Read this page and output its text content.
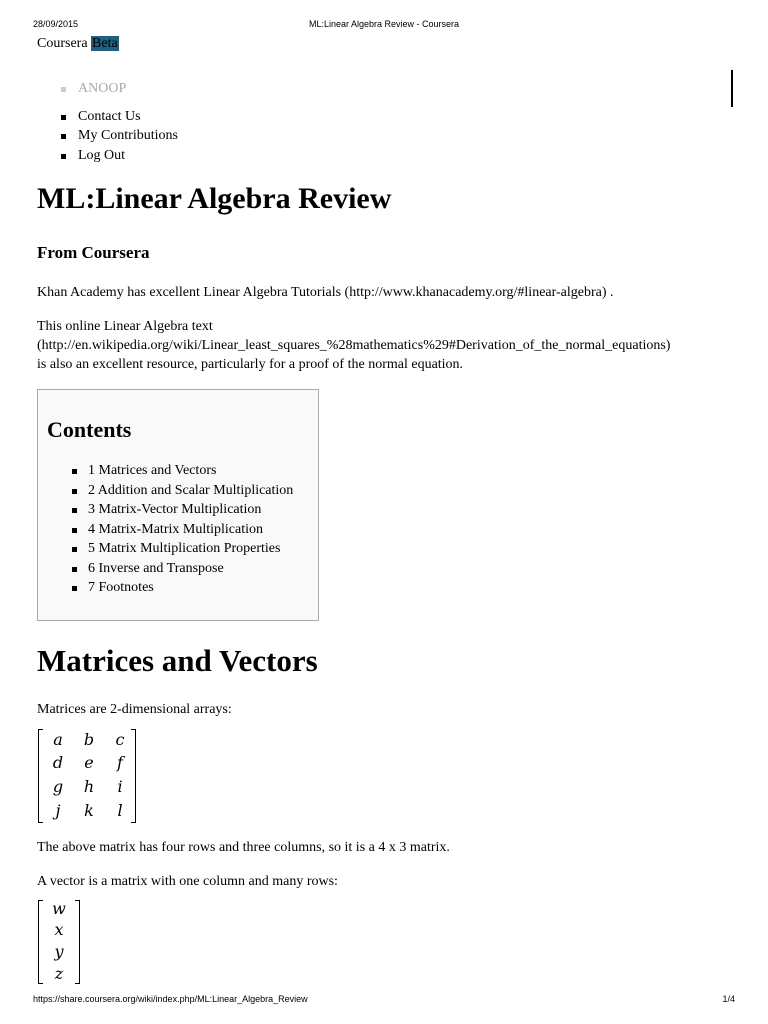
28/09/2015	ML:Linear Algebra Review - Coursera
Coursera Beta
ANOOP
Contact Us
My Contributions
Log Out
ML:Linear Algebra Review
From Coursera

Khan Academy has excellent Linear Algebra Tutorials (http://www.khanacademy.org/#linear-algebra) .

This online Linear Algebra text
(http://en.wikipedia.org/wiki/Linear_least_squares_%28mathematics%29#Derivation_of_the_normal_equations)
is also an excellent resource, particularly for a proof of the normal equation.

Contents
1 Matrices and Vectors
2 Addition and Scalar Multiplication
3 Matrix-Vector Multiplication
4 Matrix-Matrix Multiplication
5 Matrix Multiplication Properties
6 Inverse and Transpose
7 Footnotes
Matrices and Vectors

Matrices are 2-dimensional arrays:

a	b	c
d	e	f
g	h	i
j	k	l

The above matrix has four rows and three columns, so it is a 4 x 3 matrix.

A vector is a matrix with one column and many rows:

w
x
y
z
https://share.coursera.org/wiki/index.php/ML:Linear_Algebra_Review	1/4
